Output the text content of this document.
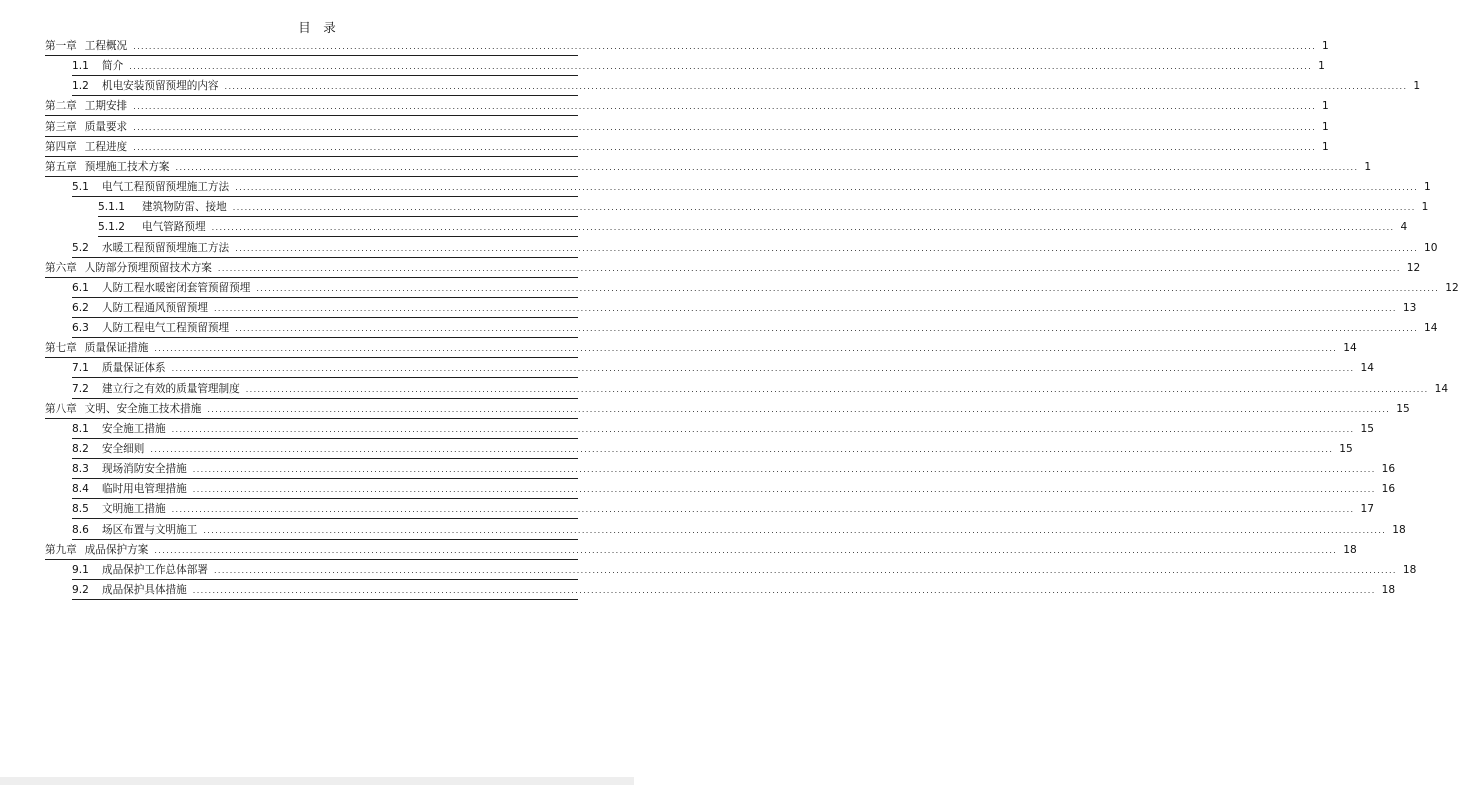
目　录
第一章 工程概况 ............................................................................................................................................................................................................................................................................................................ 1
1.1	简介 ............................................................................................................................................................................................................................................................................................................ 1
1.2	机电安装预留预埋的内容 ............................................................................................................................................................................................................................................................................................................ 1
第二章 工期安排 ............................................................................................................................................................................................................................................................................................................ 1
第三章 质量要求 ............................................................................................................................................................................................................................................................................................................ 1
第四章 工程进度 ............................................................................................................................................................................................................................................................................................................ 1
第五章 预埋施工技术方案 ............................................................................................................................................................................................................................................................................................................ 1
5.1	电气工程预留预埋施工方法 ............................................................................................................................................................................................................................................................................................................ 1
5.1.1	建筑物防雷、接地 ............................................................................................................................................................................................................................................................................................................ 1
5.1.2	电气管路预埋 ............................................................................................................................................................................................................................................................................................................ 4
5.2	水暖工程预留预埋施工方法 ............................................................................................................................................................................................................................................................................................................ 10
第六章 人防部分预埋预留技术方案 ............................................................................................................................................................................................................................................................................................................ 12
6.1	人防工程水暖密闭套管预留预埋 ............................................................................................................................................................................................................................................................................................................ 12
6.2	人防工程通风预留预埋 ............................................................................................................................................................................................................................................................................................................ 13
6.3	人防工程电气工程预留预埋 ............................................................................................................................................................................................................................................................................................................ 14
第七章 质量保证措施 ............................................................................................................................................................................................................................................................................................................ 14
7.1	质量保证体系 ............................................................................................................................................................................................................................................................................................................ 14
7.2	建立行之有效的质量管理制度 ............................................................................................................................................................................................................................................................................................................ 14
第八章 文明、安全施工技术措施 ............................................................................................................................................................................................................................................................................................................ 15
8.1	安全施工措施 ............................................................................................................................................................................................................................................................................................................ 15
8.2	安全细则 ............................................................................................................................................................................................................................................................................................................ 15
8.3	现场消防安全措施 ............................................................................................................................................................................................................................................................................................................ 16
8.4	临时用电管理措施 ............................................................................................................................................................................................................................................................................................................ 16
8.5	文明施工措施 ............................................................................................................................................................................................................................................................................................................ 17
8.6	场区布置与文明施工 ............................................................................................................................................................................................................................................................................................................ 18
第九章 成品保护方案 ............................................................................................................................................................................................................................................................................................................ 18
9.1	成品保护工作总体部署 ............................................................................................................................................................................................................................................................................................................ 18
9.2	成品保护具体措施 ............................................................................................................................................................................................................................................................................................................ 18
